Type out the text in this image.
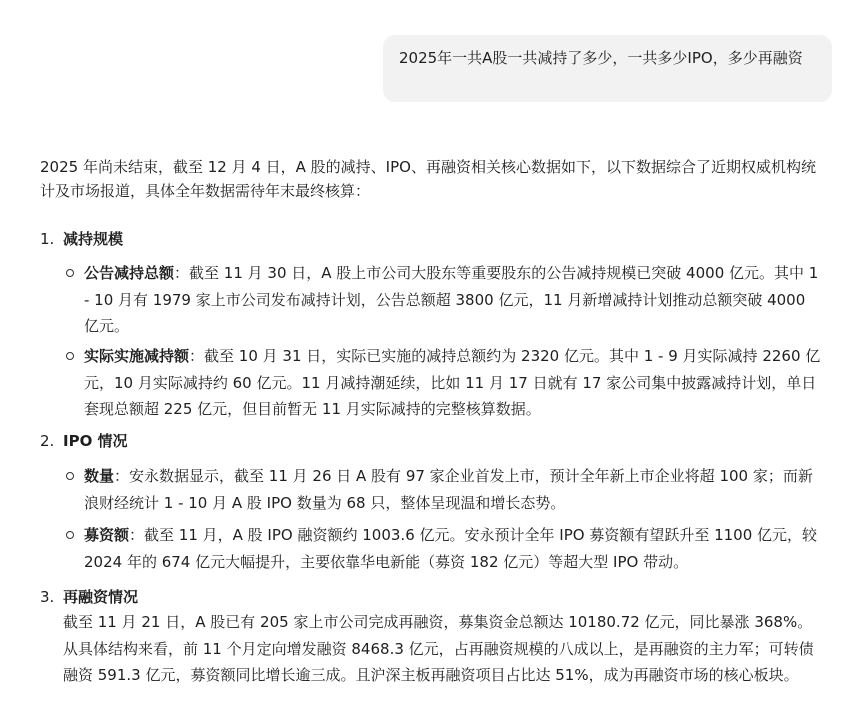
2025年一共A股一共减持了多少，一共多少IPO，多少再融资

2025 年尚未结束，截至 12 月 4 日，A 股的减持、IPO、再融资相关核心数据如下，以下数据综合了近期权威机构统计及市场报道，具体全年数据需待年末最终核算：

1. 减持规模
公告减持总额：截至 11 月 30 日，A 股上市公司大股东等重要股东的公告减持规模已突破 4000 亿元。其中 1 - 10 月有 1979 家上市公司发布减持计划，公告总额超 3800 亿元，11 月新增减持计划推动总额突破 4000 亿元。
实际实施减持额：截至 10 月 31 日，实际已实施的减持总额约为 2320 亿元。其中 1 - 9 月实际减持 2260 亿元，10 月实际减持约 60 亿元。11 月减持潮延续，比如 11 月 17 日就有 17 家公司集中披露减持计划，单日套现总额超 225 亿元，但目前暂无 11 月实际减持的完整核算数据。
2. IPO 情况
数量：安永数据显示，截至 11 月 26 日 A 股有 97 家企业首发上市，预计全年新上市企业将超 100 家；而新浪财经统计 1 - 10 月 A 股 IPO 数量为 68 只，整体呈现温和增长态势。
募资额：截至 11 月，A 股 IPO 融资额约 1003.6 亿元。安永预计全年 IPO 募资额有望跃升至 1100 亿元，较 2024 年的 674 亿元大幅提升，主要依靠华电新能（募资 182 亿元）等超大型 IPO 带动。
3. 再融资情况
截至 11 月 21 日，A 股已有 205 家上市公司完成再融资，募集资金总额达 10180.72 亿元，同比暴涨 368%。从具体结构来看，前 11 个月定向增发融资 8468.3 亿元，占再融资规模的八成以上，是再融资的主力军；可转债融资 591.3 亿元，募资额同比增长逾三成。且沪深主板再融资项目占比达 51%，成为再融资市场的核心板块。
